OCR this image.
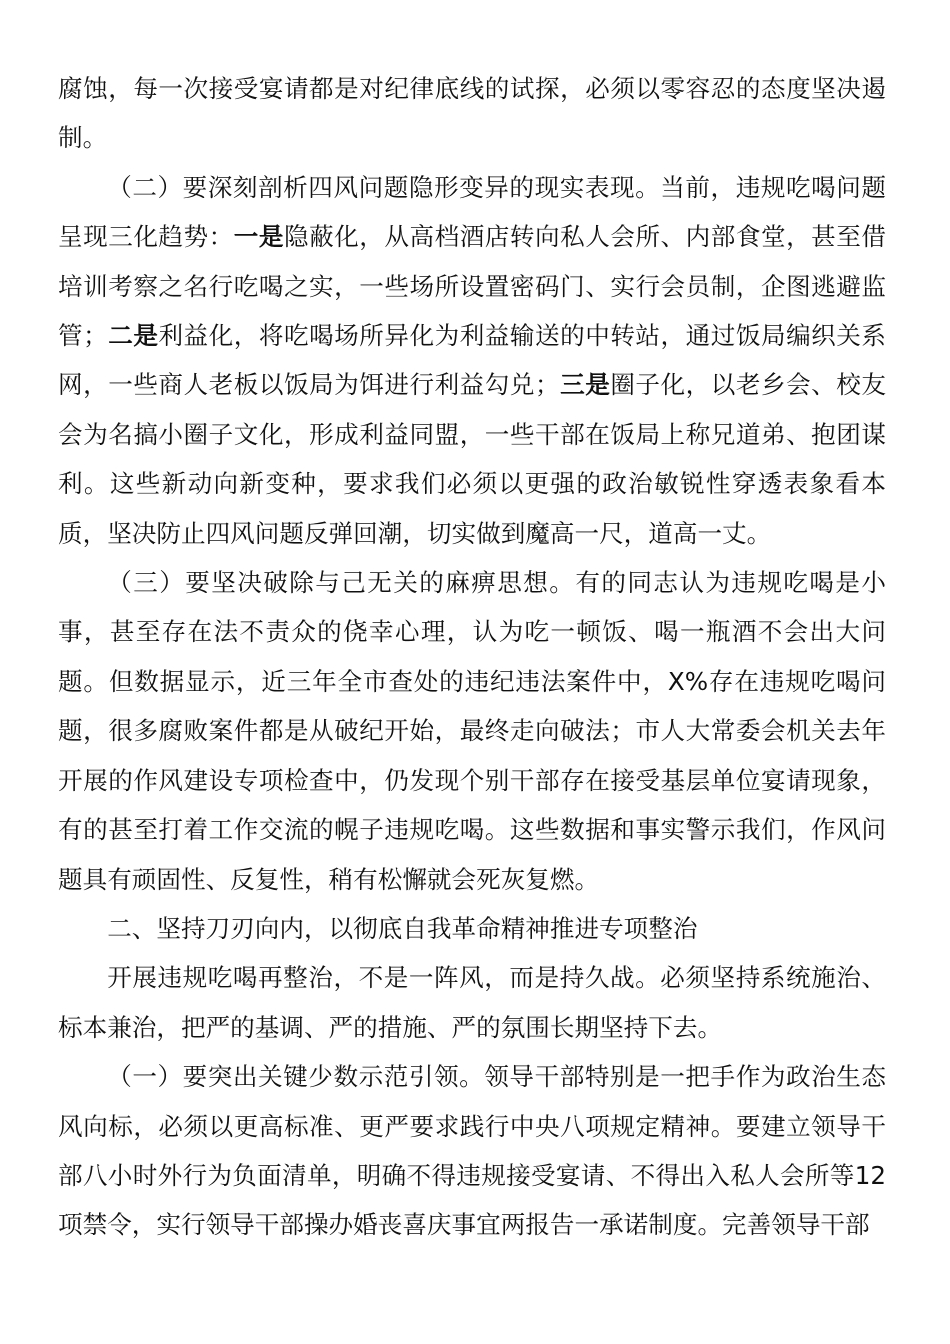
腐蚀，每一次接受宴请都是对纪律底线的试探，必须以零容忍的态度坚决遏制。

（二）要深刻剖析四风问题隐形变异的现实表现。当前，违规吃喝问题呈现三化趋势：一是隐蔽化，从高档酒店转向私人会所、内部食堂，甚至借培训考察之名行吃喝之实，一些场所设置密码门、实行会员制，企图逃避监管；二是利益化，将吃喝场所异化为利益输送的中转站，通过饭局编织关系网，一些商人老板以饭局为饵进行利益勾兑；三是圈子化，以老乡会、校友会为名搞小圈子文化，形成利益同盟，一些干部在饭局上称兄道弟、抱团谋利。这些新动向新变种，要求我们必须以更强的政治敏锐性穿透表象看本质，坚决防止四风问题反弹回潮，切实做到魔高一尺，道高一丈。

（三）要坚决破除与己无关的麻痹思想。有的同志认为违规吃喝是小事，甚至存在法不责众的侥幸心理，认为吃一顿饭、喝一瓶酒不会出大问题。但数据显示，近三年全市查处的违纪违法案件中，X%存在违规吃喝问题，很多腐败案件都是从破纪开始，最终走向破法；市人大常委会机关去年开展的作风建设专项检查中，仍发现个别干部存在接受基层单位宴请现象，有的甚至打着工作交流的幌子违规吃喝。这些数据和事实警示我们，作风问题具有顽固性、反复性，稍有松懈就会死灰复燃。

二、坚持刀刃向内，以彻底自我革命精神推进专项整治

开展违规吃喝再整治，不是一阵风，而是持久战。必须坚持系统施治、标本兼治，把严的基调、严的措施、严的氛围长期坚持下去。

（一）要突出关键少数示范引领。领导干部特别是一把手作为政治生态风向标，必须以更高标准、更严要求践行中央八项规定精神。要建立领导干部八小时外行为负面清单，明确不得违规接受宴请、不得出入私人会所等12项禁令，实行领导干部操办婚丧喜庆事宜两报告一承诺制度。完善领导干部
